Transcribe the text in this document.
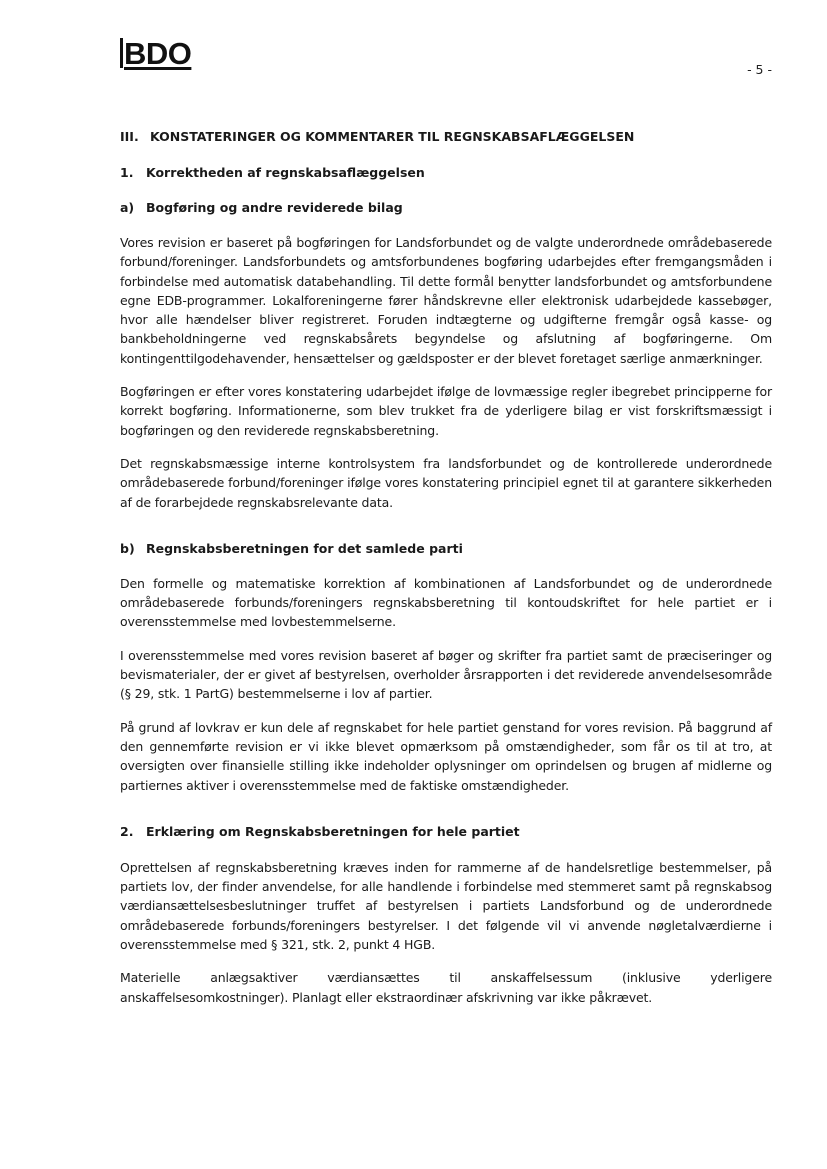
BDO	- 5 -
III. KONSTATERINGER OG KOMMENTARER TIL REGNSKABSAFLÆGGELSEN
1. Korrektheden af regnskabsaflæggelsen
a) Bogføring og andre reviderede bilag

Vores revision er baseret på bogføringen for Landsforbundet og de valgte underordnede områdebaserede forbund/foreninger. Landsforbundets og amtsforbundenes bogføring udarbejdes efter fremgangsmåden i forbindelse med automatisk databehandling. Til dette formål benytter landsforbundet og amtsforbundene egne EDB-programmer. Lokalforeningerne fører håndskrevne eller elektronisk udarbejdede kassebøger, hvor alle hændelser bliver registreret. Foruden indtægterne og udgifterne fremgår også kasse- og bankbeholdningerne ved regnskabsårets begyndelse og afslutning af bogføringerne. Om kontingenttilgodehavender, hensættelser og gældsposter er der blevet foretaget særlige anmærkninger.

Bogføringen er efter vores konstatering udarbejdet ifølge de lovmæssige regler ibegrebet principperne for korrekt bogføring. Informationerne, som blev trukket fra de yderligere bilag er vist forskriftsmæssigt i bogføringen og den reviderede regnskabsberetning.

Det regnskabsmæssige interne kontrolsystem fra landsforbundet og de kontrollerede underordnede områdebaserede forbund/foreninger ifølge vores konstatering principiel egnet til at garantere sikkerheden af de forarbejdede regnskabsrelevante data.

b) Regnskabsberetningen for det samlede parti

Den formelle og matematiske korrektion af kombinationen af Landsforbundet og de underordnede områdebaserede forbunds/foreningers regnskabsberetning til kontoudskriftet for hele partiet er i overensstemmelse med lovbestemmelserne.

I overensstemmelse med vores revision baseret af bøger og skrifter fra partiet samt de præciseringer og bevismaterialer, der er givet af bestyrelsen, overholder årsrapporten i det reviderede anvendelsesområde (§ 29, stk. 1 PartG) bestemmelserne i lov af partier.

På grund af lovkrav er kun dele af regnskabet for hele partiet genstand for vores revision. På baggrund af den gennemførte revision er vi ikke blevet opmærksom på omstændigheder, som får os til at tro, at oversigten over finansielle stilling ikke indeholder oplysninger om oprindelsen og brugen af midlerne og partiernes aktiver i overensstemmelse med de faktiske omstændigheder.

2. Erklæring om Regnskabsberetningen for hele partiet

Oprettelsen af regnskabsberetning kræves inden for rammerne af de handelsretlige bestemmelser, på partiets lov, der finder anvendelse, for alle handlende i forbindelse med stemmeret samt på regnskabsog værdiansættelsesbeslutninger truffet af bestyrelsen i partiets Landsforbund og de underordnede områdebaserede forbunds/foreningers bestyrelser. I det følgende vil vi anvende nøgletalværdierne i overensstemmelse med § 321, stk. 2, punkt 4 HGB.

Materielle anlægsaktiver værdiansættes til anskaffelsessum (inklusive yderligere anskaffelsesomkostninger). Planlagt eller ekstraordinær afskrivning var ikke påkrævet.
